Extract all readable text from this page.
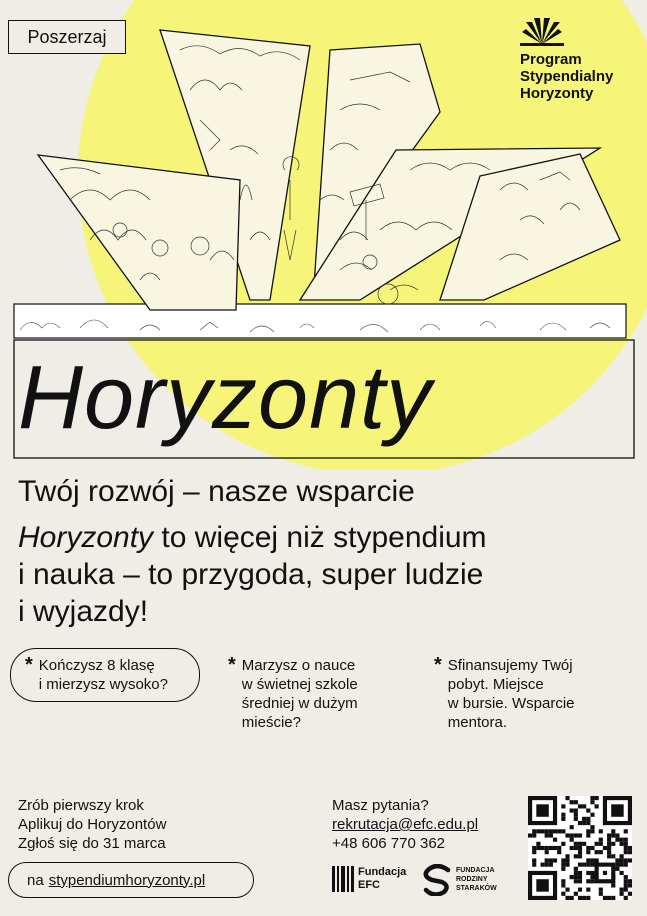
Poszerzaj
Program
Stypendialny
Horyzonty
Horyzonty
Twój rozwój – nasze wsparcie
Horyzonty to więcej niż stypendium
i nauka – to przygoda, super ludzie
i wyjazdy!
* Kończysz 8 klasę
i mierzysz wysoko?
* Marzysz o nauce
w świetnej szkole
średniej w dużym
mieście?
* Sfinansujemy Twój
pobyt. Miejsce
w bursie. Wsparcie
mentora.
Zrób pierwszy krok
Aplikuj do Horyzontów
Zgłoś się do 31 marca
na stypendiumhoryzonty.pl
Masz pytania?
rekrutacja@efc.edu.pl
+48 606 770 362
Fundacja
EFC
FUNDACJA
RODZINY
STARAKÓW
